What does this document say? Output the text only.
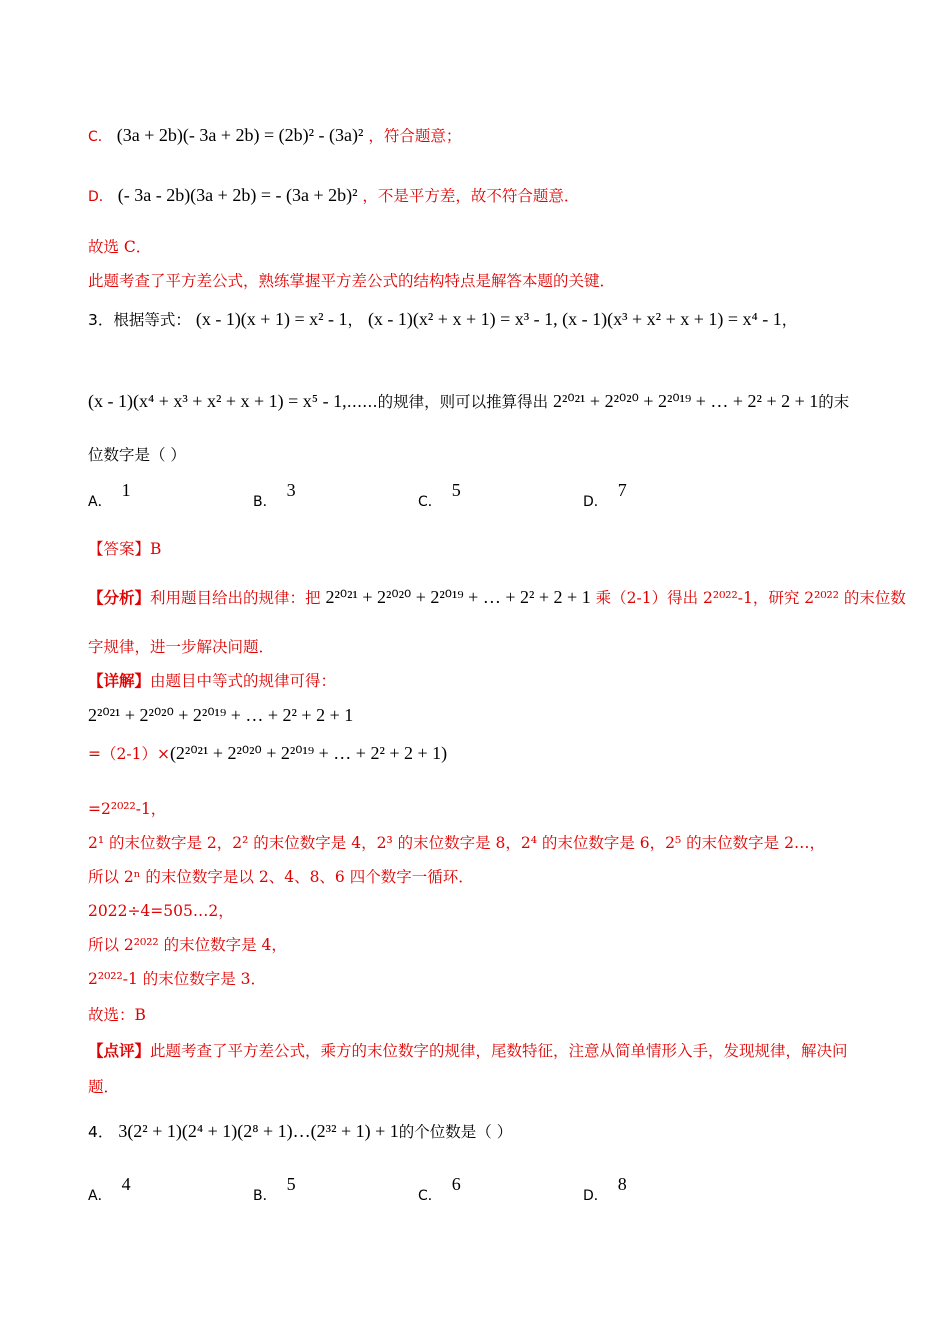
C． (3a + 2b)(- 3a + 2b) = (2b)² - (3a)² ，符合题意；
D． (- 3a - 2b)(3a + 2b) = - (3a + 2b)² ，不是平方差，故不符合题意．
故选 C．
此题考查了平方差公式，熟练掌握平方差公式的结构特点是解答本题的关键．
3．根据等式： (x - 1)(x + 1) = x² - 1， (x - 1)(x² + x + 1) = x³ - 1, (x - 1)(x³ + x² + x + 1) = x⁴ - 1，
(x - 1)(x⁴ + x³ + x² + x + 1) = x⁵ - 1,……的规律，则可以推算得出 2²⁰²¹ + 2²⁰²⁰ + 2²⁰¹⁹ + … + 2² + 2 + 1的末
位数字是（ ）
A．1
B．3
C．5
D．7
【答案】B
【分析】利用题目给出的规律：把 2²⁰²¹ + 2²⁰²⁰ + 2²⁰¹⁹ + … + 2² + 2 + 1 乘（2-1）得出 2²⁰²²-1，研究 2²⁰²² 的末位数
字规律，进一步解决问题．
【详解】由题目中等式的规律可得：
2²⁰²¹ + 2²⁰²⁰ + 2²⁰¹⁹ + … + 2² + 2 + 1
=（2-1）×(2²⁰²¹ + 2²⁰²⁰ + 2²⁰¹⁹ + … + 2² + 2 + 1)
=2²⁰²²-1，
2¹ 的末位数字是 2，2² 的末位数字是 4，2³ 的末位数字是 8，2⁴ 的末位数字是 6，2⁵ 的末位数字是 2…，
所以 2ⁿ 的末位数字是以 2、4、8、6 四个数字一循环．
2022÷4=505…2，
所以 2²⁰²² 的末位数字是 4，
2²⁰²²-1 的末位数字是 3．
故选：B
【点评】此题考查了平方差公式，乘方的末位数字的规律，尾数特征，注意从简单情形入手，发现规律，解决问
题．
4． 3(2² + 1)(2⁴ + 1)(2⁸ + 1)…(2³² + 1) + 1的个位数是（ ）
A．4
B．5
C．6
D．8
